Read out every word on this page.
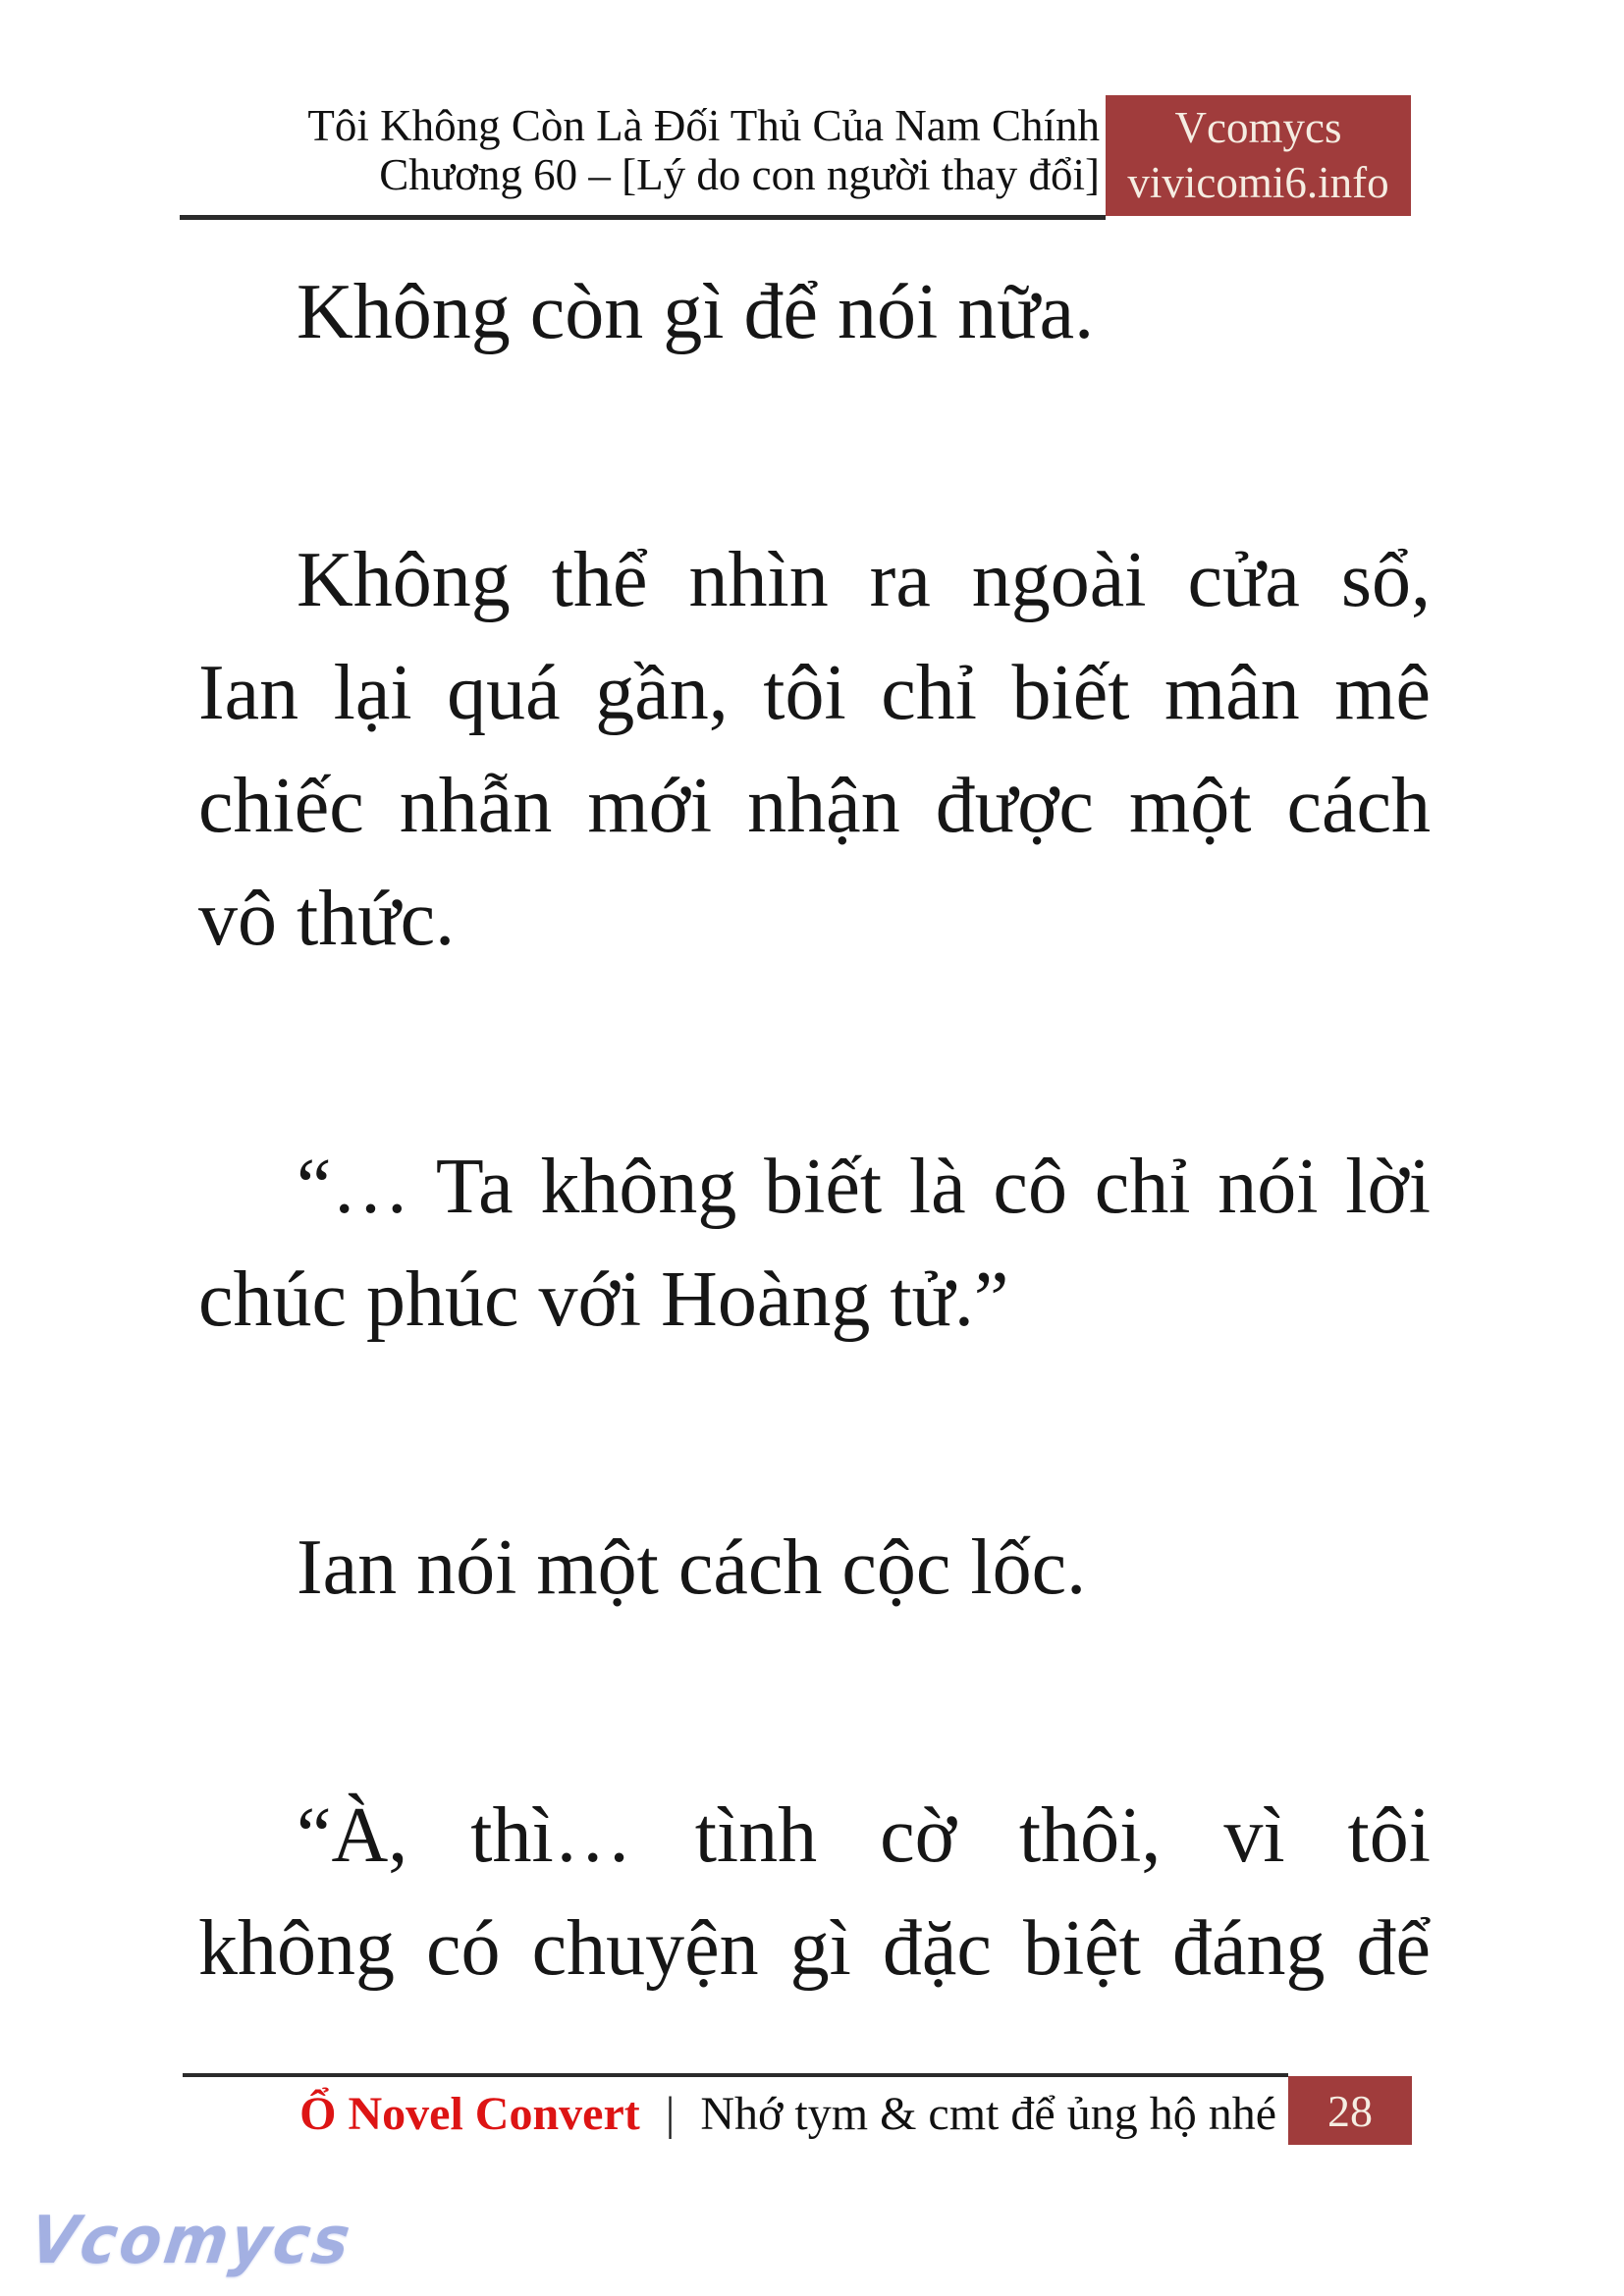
Tôi Không Còn Là Đối Thủ Của Nam Chính
Chương 60 – [Lý do con người thay đổi]
Vcomycs
vivicomi6.info
Không còn gì để nói nữa.
Không thể nhìn ra ngoài cửa sổ,
Ian lại quá gần, tôi chỉ biết mân mê
chiếc nhẫn mới nhận được một cách
vô thức.
“… Ta không biết là cô chỉ nói lời
chúc phúc với Hoàng tử.”
Ian nói một cách cộc lốc.
“À, thì… tình cờ thôi, vì tôi
không có chuyện gì đặc biệt đáng để
Ổ Novel Convert | Nhớ tym & cmt để ủng hộ nhé 28
Vcomycs
